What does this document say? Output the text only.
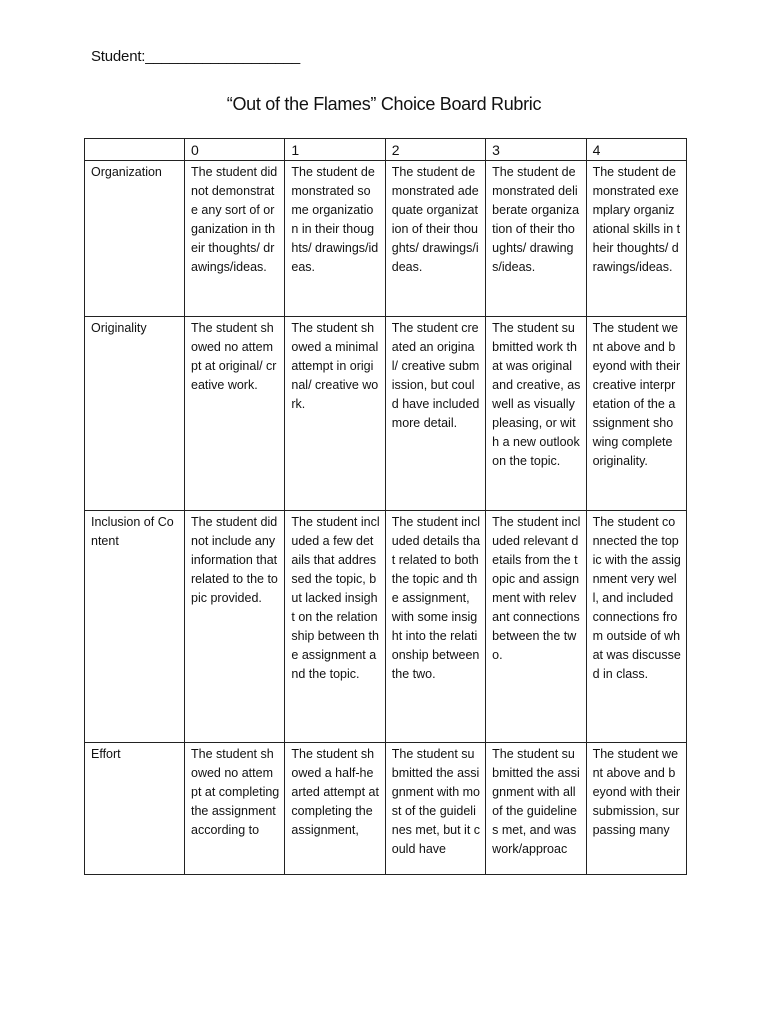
Student:___________________
“Out of the Flames” Choice Board Rubric
	0	1	2	3	4
Organization	The student did not demonstrate any sort of organization in their thoughts/ drawings/ideas.	The student demonstrated some organization in their thoughts/ drawings/ideas.	The student demonstrated adequate organization of their thoughts/ drawings/ideas.	The student demonstrated deliberate organization of their thoughts/ drawings/ideas.	The student demonstrated exemplary organizational skills in their thoughts/ drawings/ideas.
Originality	The student showed no attempt at original/ creative work.	The student showed a minimal attempt in original/ creative work.	The student created an original/ creative submission, but could have included more detail.	The student submitted work that was original and creative, as well as visually pleasing, or with a new outlook on the topic.	The student went above and beyond with their creative interpretation of the assignment showing complete originality.
Inclusion of Content	The student did not include any information that related to the topic provided.	The student included a few details that addressed the topic, but lacked insight on the relationship between the assignment and the topic.	The student included details that related to both the topic and the assignment, with some insight into the relationship between the two.	The student included relevant details from the topic and assignment with relevant connections between the two.	The student connected the topic with the assignment very well, and included connections from outside of what was discussed in class.
Effort	The student showed no attempt at completing the assignment according to	The student showed a half-hearted attempt at completing the assignment,	The student submitted the assignment with most of the guidelines met, but it could have	The student submitted the assignment with all of the guidelines met, and was work/approac	The student went above and beyond with their submission, surpassing many
